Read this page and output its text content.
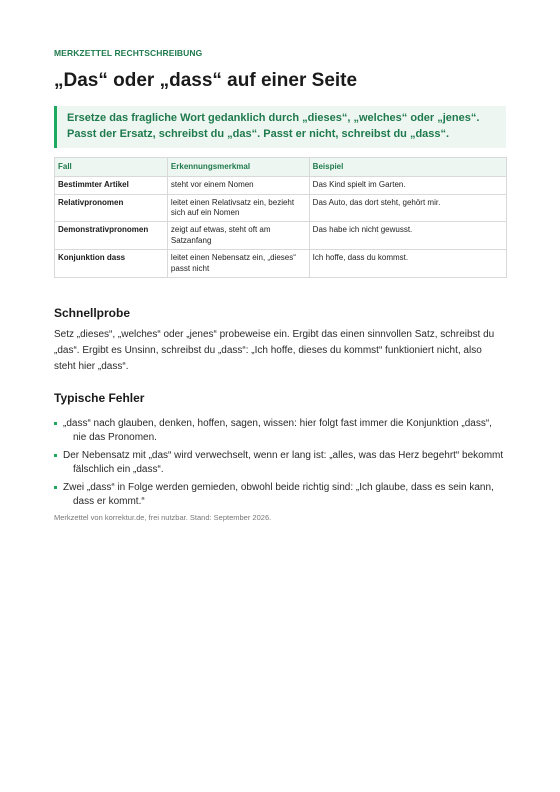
MERKZETTEL RECHTSCHREIBUNG

„Das“ oder „dass“ auf einer Seite
Ersetze das fragliche Wort gedanklich durch „dieses“, „welches“ oder „jenes“. Passt der Ersatz, schreibst du „das“. Passt er nicht, schreibst du „dass“.
Fall	Erkennungsmerkmal	Beispiel
Bestimmter Artikel	steht vor einem Nomen	Das Kind spielt im Garten.
Relativpronomen	leitet einen Relativsatz ein, bezieht sich auf ein Nomen	Das Auto, das dort steht, gehört mir.
Demonstrativpronomen	zeigt auf etwas, steht oft am Satzanfang	Das habe ich nicht gewusst.
Konjunktion dass	leitet einen Nebensatz ein, „dieses“ passt nicht	Ich hoffe, dass du kommst.
Schnellprobe

Setz „dieses“, „welches“ oder „jenes“ probeweise ein. Ergibt das einen sinnvollen Satz, schreibst du „das“. Ergibt es Unsinn, schreibst du „dass“: „Ich hoffe, dieses du kommst“ funktioniert nicht, also steht hier „dass“.

Typische Fehler
„dass“ nach glauben, denken, hoffen, sagen, wissen: hier folgt fast immer die Konjunktion „dass“, nie das Pronomen.
Der Nebensatz mit „das“ wird verwechselt, wenn er lang ist: „alles, was das Herz begehrt“ bekommt fälschlich ein „dass“.
Zwei „dass“ in Folge werden gemieden, obwohl beide richtig sind: „Ich glaube, dass es sein kann, dass er kommt.“
Merkzettel von korrektur.de, frei nutzbar. Stand: September 2026.
